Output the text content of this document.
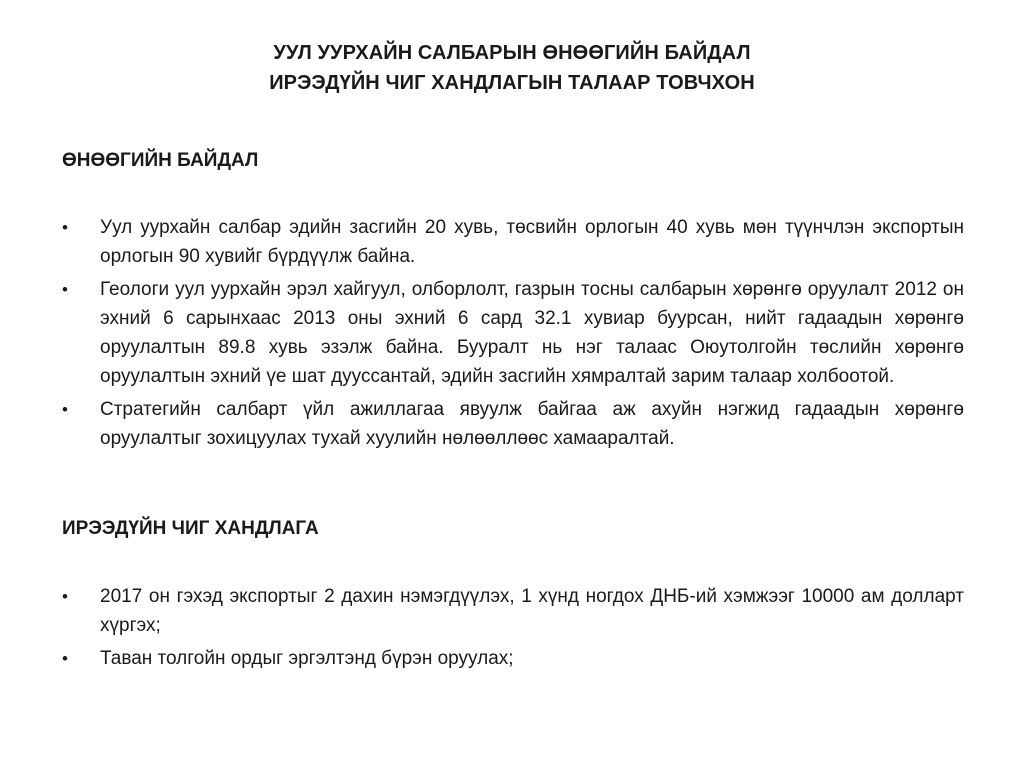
УУЛ УУРХАЙН САЛБАРЫН ӨНӨӨГИЙН БАЙДАЛ
ИРЭЭДҮЙН ЧИГ ХАНДЛАГЫН ТАЛААР ТОВЧХОН
ӨНӨӨГИЙН БАЙДАЛ
•	Уул уурхайн салбар эдийн засгийн 20 хувь, төсвийн орлогын 40 хувь мөн түүнчлэн экспортын орлогын 90 хувийг бүрдүүлж байна.
•	Геологи уул уурхайн эрэл хайгуул, олборлолт, газрын тосны салбарын хөрөнгө оруулалт 2012 он эхний 6 сарынхаас 2013 оны эхний 6 сард 32.1 хувиар буурсан, нийт гадаадын хөрөнгө оруулалтын 89.8 хувь эзэлж байна. Бууралт нь нэг талаас Оюутолгойн төслийн хөрөнгө оруулалтын эхний үе шат дууссантай, эдийн засгийн хямралтай зарим талаар холбоотой.
•	Стратегийн салбарт үйл ажиллагаа явуулж байгаа аж ахуйн нэгжид гадаадын хөрөнгө оруулалтыг зохицуулах тухай хуулийн нөлөөллөөс хамааралтай.
ИРЭЭДҮЙН ЧИГ ХАНДЛАГА
•	2017 он гэхэд экспортыг 2 дахин нэмэгдүүлэх, 1 хүнд ногдох ДНБ-ий хэмжээг 10000 ам долларт хүргэх;
•	Таван толгойн ордыг эргэлтэнд бүрэн оруулах;
